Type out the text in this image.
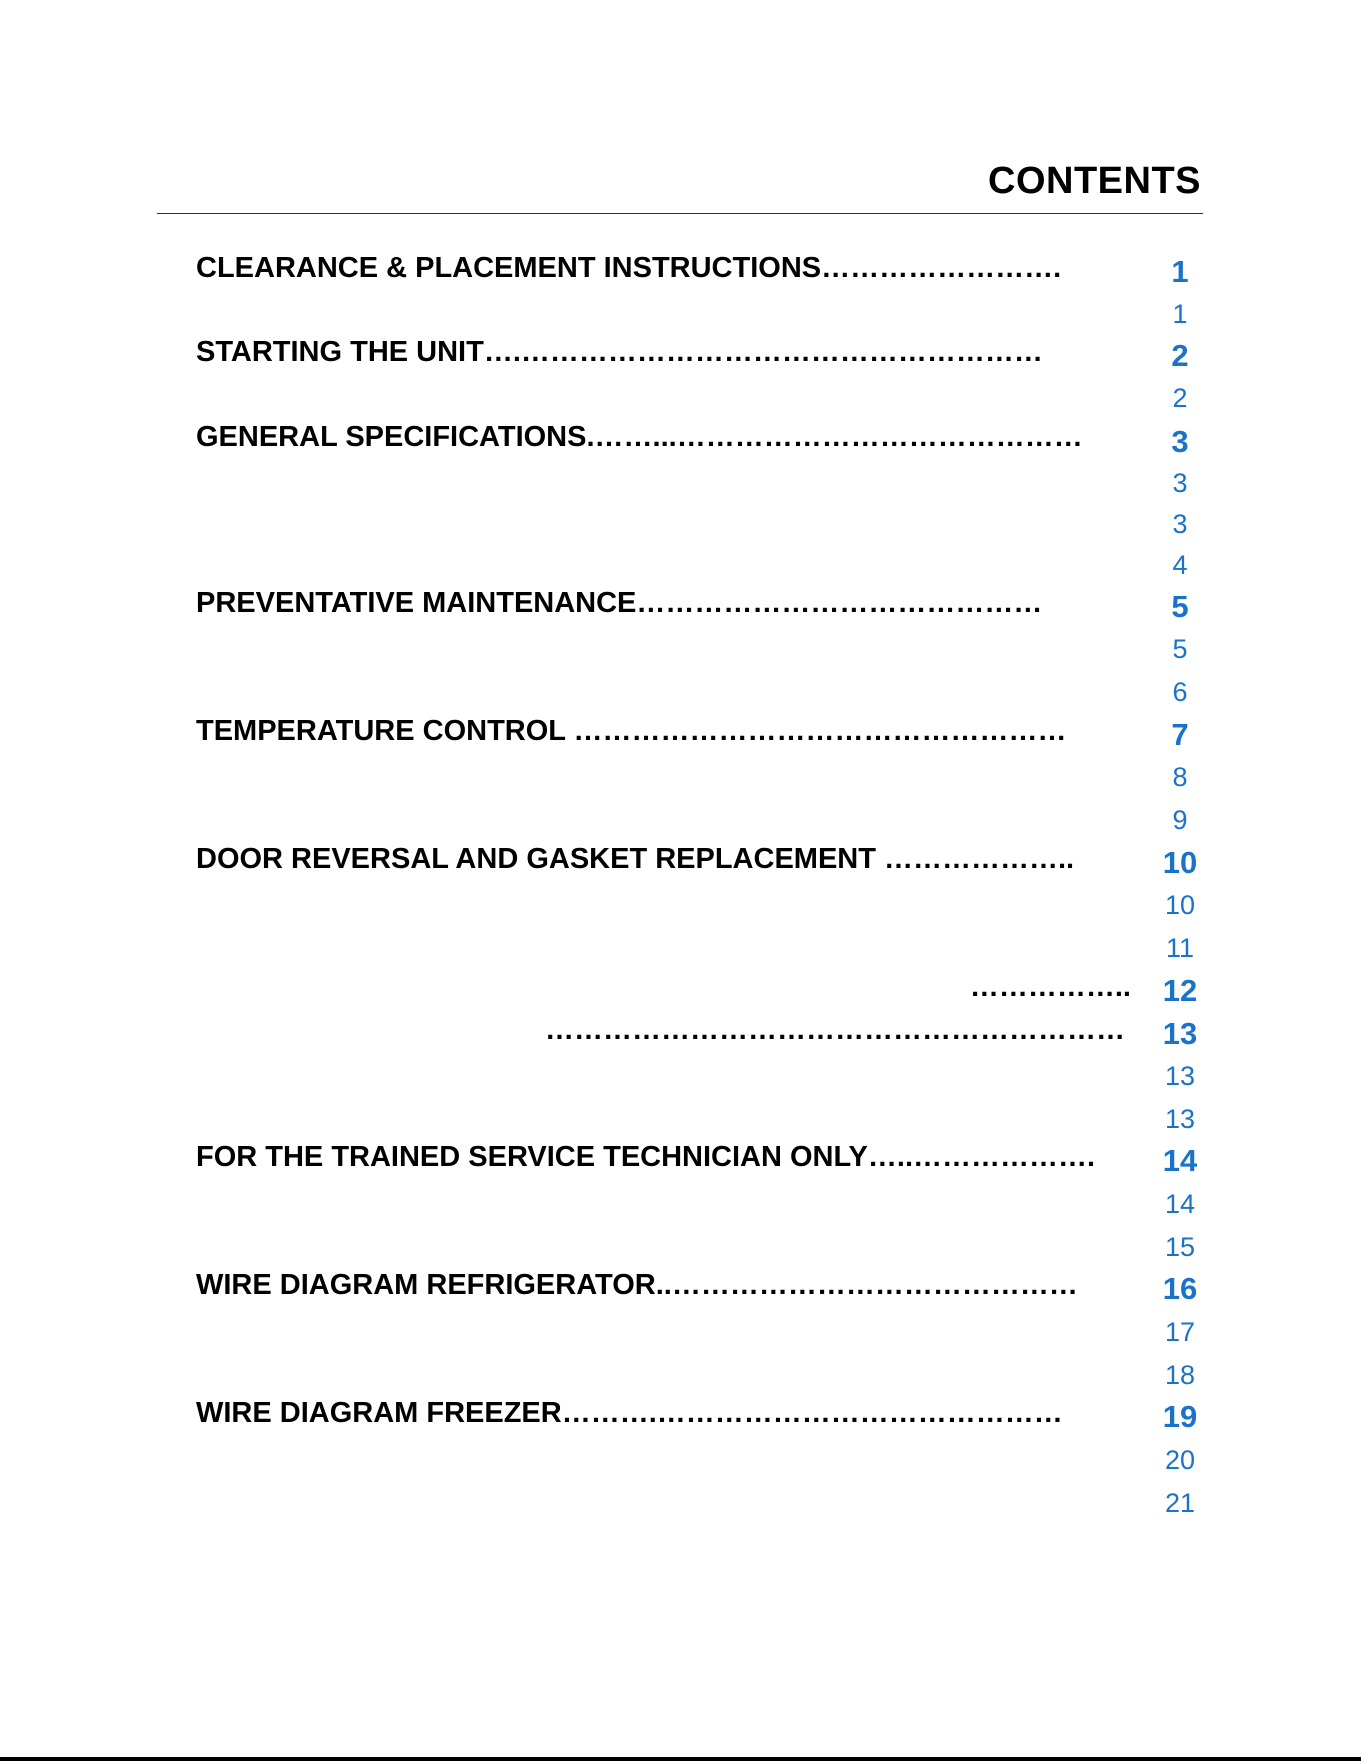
CONTENTS
CLEARANCE & PLACEMENT INSTRUCTIONS…………………….
STARTING THE UNIT….………………………………………………
GENERAL SPECIFICATIONS.……...……………………………………
PREVENTATIVE MAINTENANCE……………………………………
TEMPERATURE CONTROL ……………………………………………
DOOR REVERSAL AND GASKET REPLACEMENT ………………..
……………..
……………………………………………………
FOR THE TRAINED SERVICE TECHNICIAN ONLY…..……………….
WIRE DIAGRAM REFRIGERATOR..……………………………………
WIRE DIAGRAM FREEZER……….……………………………………
1
1
2
2
3
3
3
4
5
5
6
7
8
9
10
10
11
12
13
13
13
14
14
15
16
17
18
19
20
21
